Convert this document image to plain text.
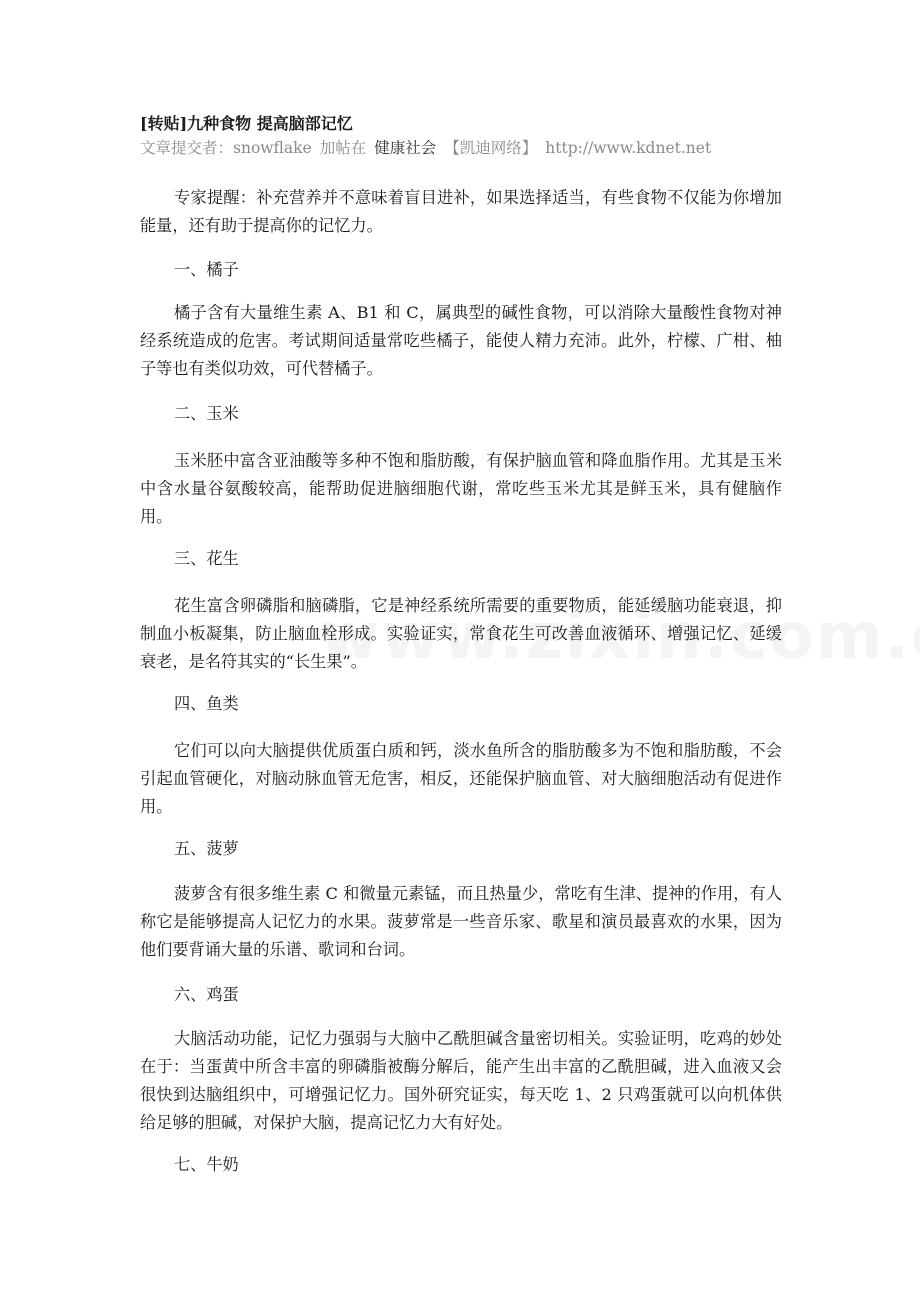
[转贴]九种食物 提高脑部记忆
文章提交者：snowflake 加帖在 健康社会 【凯迪网络】 http://www.kdnet.net
专家提醒：补充营养并不意味着盲目进补，如果选择适当，有些食物不仅能为你增加能量，还有助于提高你的记忆力。
一、橘子
橘子含有大量维生素 A、B1 和 C，属典型的碱性食物，可以消除大量酸性食物对神经系统造成的危害。考试期间适量常吃些橘子，能使人精力充沛。此外，柠檬、广柑、柚子等也有类似功效，可代替橘子。
二、玉米
玉米胚中富含亚油酸等多种不饱和脂肪酸，有保护脑血管和降血脂作用。尤其是玉米中含水量谷氨酸较高，能帮助促进脑细胞代谢，常吃些玉米尤其是鲜玉米，具有健脑作用。
三、花生
花生富含卵磷脂和脑磷脂，它是神经系统所需要的重要物质，能延缓脑功能衰退，抑制血小板凝集，防止脑血栓形成。实验证实，常食花生可改善血液循环、增强记忆、延缓衰老，是名符其实的“长生果”。
四、鱼类
它们可以向大脑提供优质蛋白质和钙，淡水鱼所含的脂肪酸多为不饱和脂肪酸，不会引起血管硬化，对脑动脉血管无危害，相反，还能保护脑血管、对大脑细胞活动有促进作用。
五、菠萝
菠萝含有很多维生素 C 和微量元素锰，而且热量少，常吃有生津、提神的作用，有人称它是能够提高人记忆力的水果。菠萝常是一些音乐家、歌星和演员最喜欢的水果，因为他们要背诵大量的乐谱、歌词和台词。
六、鸡蛋
大脑活动功能，记忆力强弱与大脑中乙酰胆碱含量密切相关。实验证明，吃鸡的妙处在于：当蛋黄中所含丰富的卵磷脂被酶分解后，能产生出丰富的乙酰胆碱，进入血液又会很快到达脑组织中，可增强记忆力。国外研究证实，每天吃 1、2 只鸡蛋就可以向机体供给足够的胆碱，对保护大脑，提高记忆力大有好处。
七、牛奶
